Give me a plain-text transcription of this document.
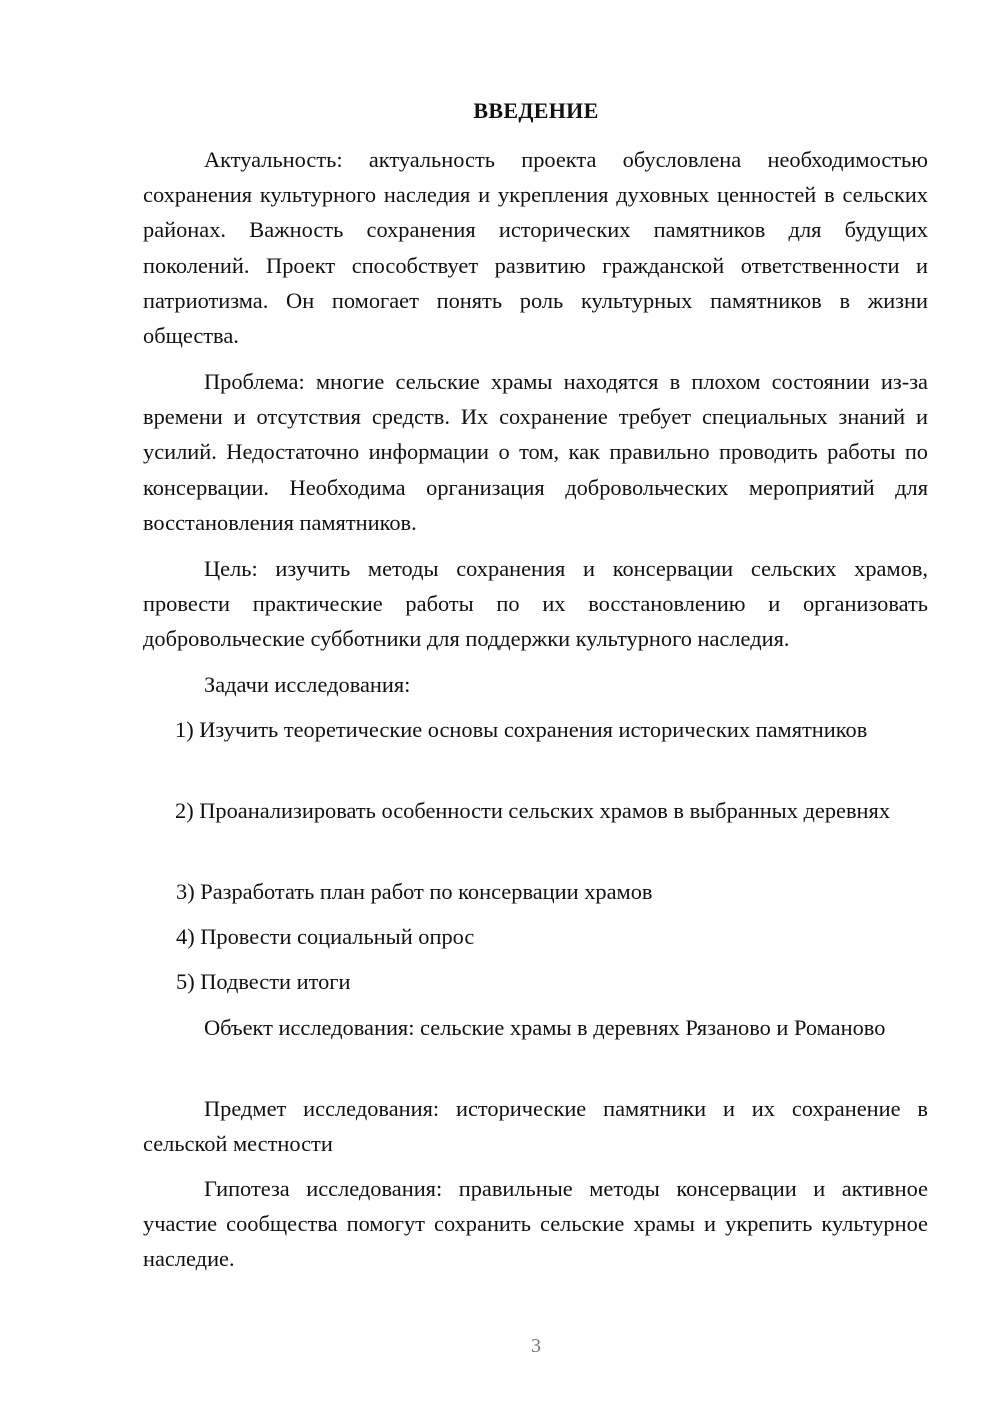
ВВЕДЕНИЕ
Актуальность: актуальность проекта обусловлена необходимостью сохранения культурного наследия и укрепления духовных ценностей в сельских районах. Важность сохранения исторических памятников для будущих поколений. Проект способствует развитию гражданской ответственности и патриотизма. Он помогает понять роль культурных памятников в жизни общества.
Проблема: многие сельские храмы находятся в плохом состоянии из-за времени и отсутствия средств. Их сохранение требует специальных знаний и усилий. Недостаточно информации о том, как правильно проводить работы по консервации. Необходима организация добровольческих мероприятий для восстановления памятников.
Цель: изучить методы сохранения и консервации сельских храмов, провести практические работы по их восстановлению и организовать добровольческие субботники для поддержки культурного наследия.
Задачи исследования:
1) Изучить теоретические основы сохранения исторических памятников
2) Проанализировать особенности сельских храмов в выбранных деревнях
3) Разработать план работ по консервации храмов
4) Провести социальный опрос
5) Подвести итоги
Объект исследования: сельские храмы в деревнях Рязаново и Романово
Предмет исследования: исторические памятники и их сохранение в сельской местности
Гипотеза исследования: правильные методы консервации и активное участие сообщества помогут сохранить сельские храмы и укрепить культурное наследие.
3
